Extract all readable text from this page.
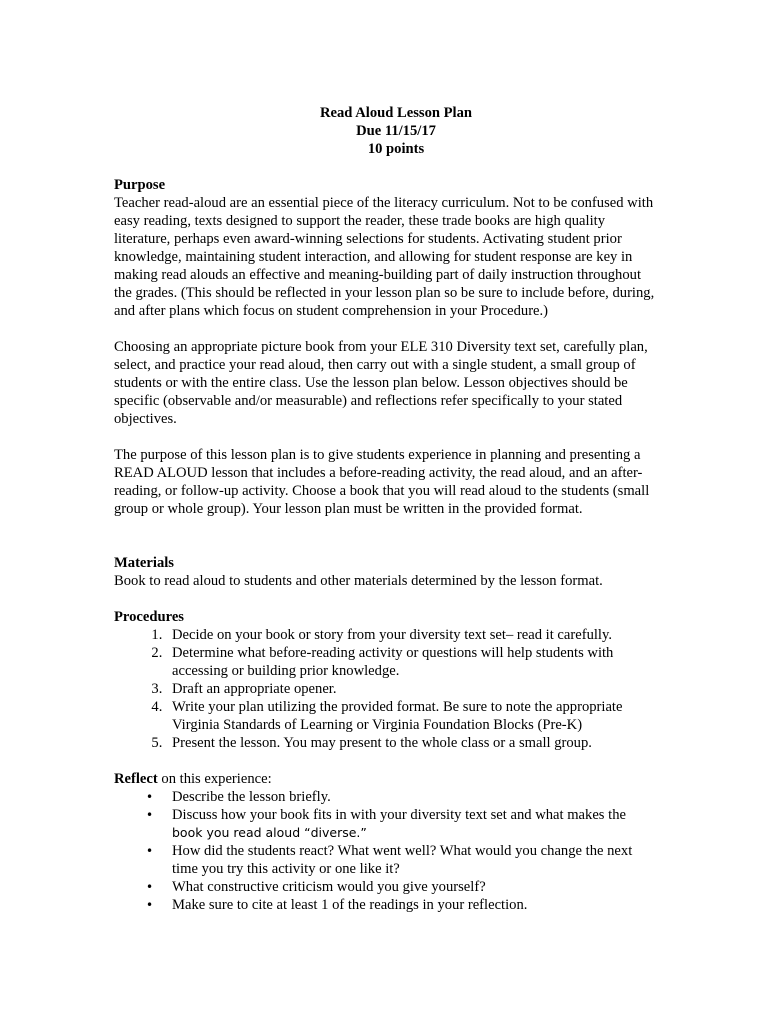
Read Aloud Lesson Plan
Due 11/15/17
10 points
Purpose

Teacher read-aloud are an essential piece of the literacy curriculum. Not to be confused with easy reading, texts designed to support the reader, these trade books are high quality literature, perhaps even award-winning selections for students. Activating student prior knowledge, maintaining student interaction, and allowing for student response are key in making read alouds an effective and meaning-building part of daily instruction throughout the grades. (This should be reflected in your lesson plan so be sure to include before, during, and after plans which focus on student comprehension in your Procedure.)

Choosing an appropriate picture book from your ELE 310 Diversity text set, carefully plan, select, and practice your read aloud, then carry out with a single student, a small group of students or with the entire class. Use the lesson plan below. Lesson objectives should be specific (observable and/or measurable) and reflections refer specifically to your stated objectives.

The purpose of this lesson plan is to give students experience in planning and presenting a READ ALOUD lesson that includes a before-reading activity, the read aloud, and an after-reading, or follow-up activity. Choose a book that you will read aloud to the students (small group or whole group). Your lesson plan must be written in the provided format.

Materials

Book to read aloud to students and other materials determined by the lesson format.

Procedures
1. Decide on your book or story from your diversity text set– read it carefully.
2. Determine what before-reading activity or questions will help students with accessing or building prior knowledge.
3. Draft an appropriate opener.
4. Write your plan utilizing the provided format. Be sure to note the appropriate Virginia Standards of Learning or Virginia Foundation Blocks (Pre-K)
5. Present the lesson. You may present to the whole class or a small group.
Reflect on this experience:
• Describe the lesson briefly.
• Discuss how your book fits in with your diversity text set and what makes the
book you read aloud “diverse.”
• How did the students react? What went well? What would you change the next time you try this activity or one like it?
• What constructive criticism would you give yourself?
• Make sure to cite at least 1 of the readings in your reflection.
